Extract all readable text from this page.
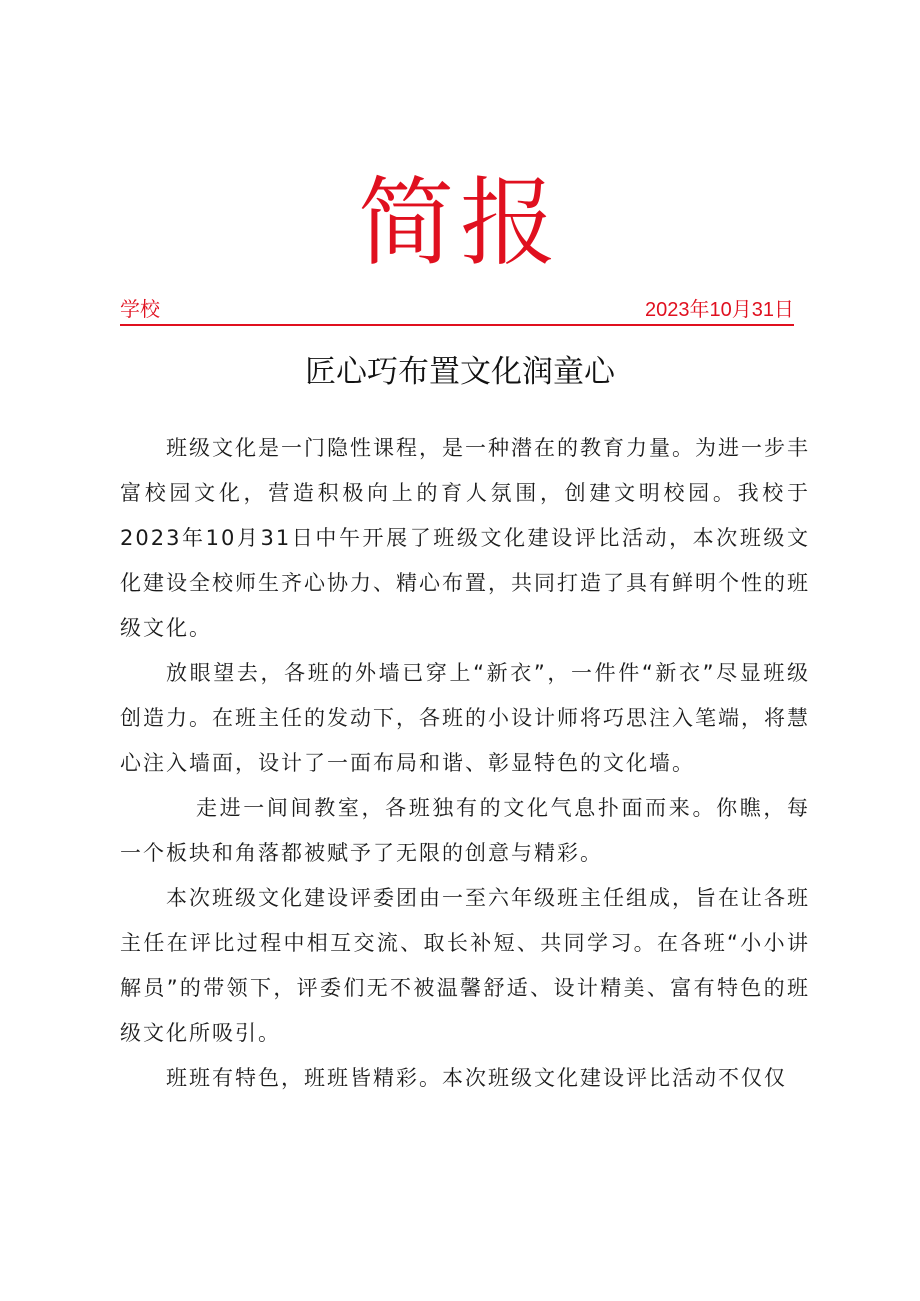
简报
学校	2023年10月31日
匠心巧布置文化润童心

班级文化是一门隐性课程，是一种潜在的教育力量。为进一步丰富校园文化，营造积极向上的育人氛围，创建文明校园。我校于2023年10月31日中午开展了班级文化建设评比活动，本次班级文化建设全校师生齐心协力、精心布置，共同打造了具有鲜明个性的班级文化。

放眼望去，各班的外墙已穿上“新衣”，一件件“新衣”尽显班级创造力。在班主任的发动下，各班的小设计师将巧思注入笔端，将慧心注入墙面，设计了一面布局和谐、彰显特色的文化墙。

走进一间间教室，各班独有的文化气息扑面而来。你瞧，每一个板块和角落都被赋予了无限的创意与精彩。

本次班级文化建设评委团由一至六年级班主任组成，旨在让各班主任在评比过程中相互交流、取长补短、共同学习。在各班“小小讲解员”的带领下，评委们无不被温馨舒适、设计精美、富有特色的班级文化所吸引。

班班有特色，班班皆精彩。本次班级文化建设评比活动不仅仅
